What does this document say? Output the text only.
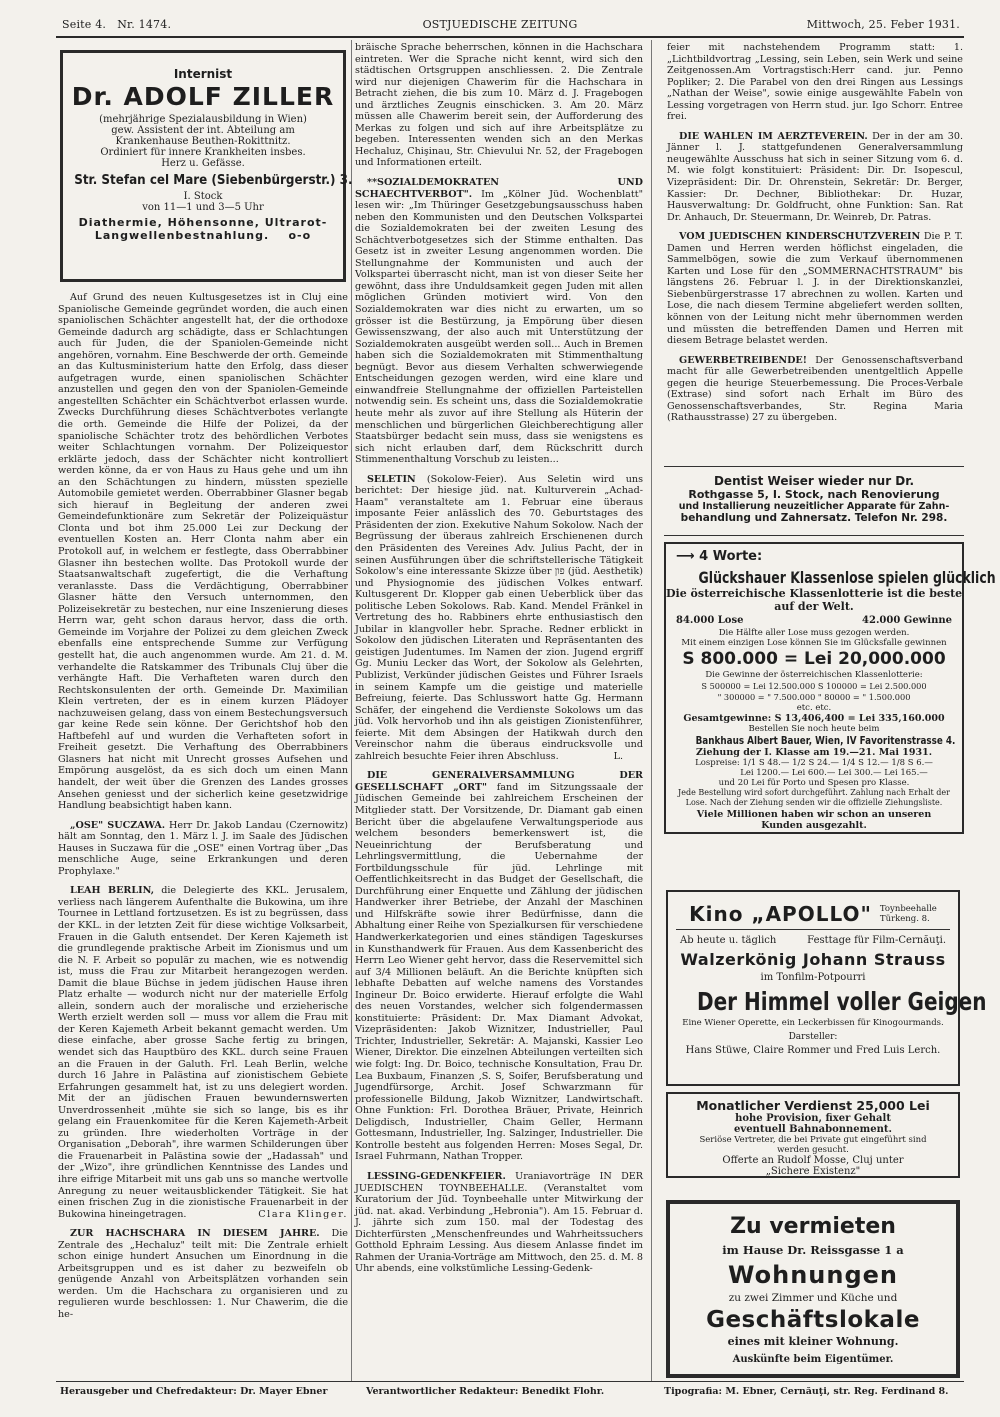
Seite 4. Nr. 1474.	OSTJUEDISCHE ZEITUNG	Mittwoch, 25. Feber 1931.
Internist
Dr. ADOLF ZILLER
(mehrjährige Spezialausbildung in Wien)
gew. Assistent der int. Abteilung am
Krankenhause Beuthen-Rokittnitz.
Ordiniert für innere Krankheiten insbes.
Herz u. Gefässe.
Str. Stefan cel Mare (Siebenbürgerstr.) 3.
I. Stock
von 11—1 und 3—5 Uhr
Diathermie, Höhensonne, Ultrarot-
Langwellenbestnahlung. o-o

Auf Grund des neuen Kultusgesetzes ist in Cluj eine Spaniolische Gemeinde gegründet worden, die auch einen spaniolischen Schächter angestellt hat, der die orthodoxe Gemeinde dadurch arg schädigte, dass er Schlachtungen auch für Juden, die der Spaniolen-Gemeinde nicht angehören, vornahm. Eine Beschwerde der orth. Gemeinde an das Kultusministerium hatte den Erfolg, dass dieser aufgetragen wurde, einen spaniolischen Schächter anzustellen und gegen den von der Spaniolen-Gemeinde angestellten Schächter ein Schächtverbot erlassen wurde. Zwecks Durchführung dieses Schächtverbotes verlangte die orth. Gemeinde die Hilfe der Polizei, da der spaniolische Schächter trotz des behördlichen Verbotes weiter Schlachtungen vornahm. Der Polizeiquestor erklärte jedoch, dass der Schächter nicht kontrolliert werden könne, da er von Haus zu Haus gehe und um ihn an den Schächtungen zu hindern, müssten spezielle Automobile gemietet werden. Oberrabbiner Glasner begab sich hierauf in Begleitung der anderen zwei Gemeindefunktionäre zum Sekretär der Polizeiquästur Clonta und bot ihm 25.000 Lei zur Deckung der eventuellen Kosten an. Herr Clonta nahm aber ein Protokoll auf, in welchem er festlegte, dass Oberrabbiner Glasner ihn bestechen wollte. Das Protokoll wurde der Staatsanwaltschaft zugefertigt, die die Verhaftung veranlasste. Dass die Verdächtigung, Oberrabbiner Glasner hätte den Versuch unternommen, den Polizeisekretär zu bestechen, nur eine Inszenierung dieses Herrn war, geht schon daraus hervor, dass die orth. Gemeinde im Vorjahre der Polizei zu dem gleichen Zweck ebenfalls eine entsprechende Summe zur Verfügung gestellt hat, die auch angenommen wurde. Am 21. d. M. verhandelte die Ratskammer des Tribunals Cluj über die verhängte Haft. Die Verhafteten waren durch den Rechtskonsulenten der orth. Gemeinde Dr. Maximilian Klein vertreten, der es in einem kurzen Plädoyer nachzuweisen gelang, dass von einem Bestechungsversuch gar keine Rede sein könne. Der Gerichtshof hob den Haftbefehl auf und wurden die Verhafteten sofort in Freiheit gesetzt. Die Verhaftung des Oberrabbiners Glasners hat nicht mit Unrecht grosses Aufsehen und Empörung ausgelöst, da es sich doch um einen Mann handelt, der weit über die Grenzen des Landes grosses Ansehen geniesst und der sicherlich keine gesetzwidrige Handlung beabsichtigt haben kann.

„OSE" SUCZAWA. Herr Dr. Jakob Landau (Czernowitz) hält am Sonntag, den 1. März l. J. im Saale des Jüdischen Hauses in Suczawa für die „OSE" einen Vortrag über „Das menschliche Auge, seine Erkrankungen und deren Prophylaxe."

LEAH BERLIN, die Delegierte des KKL. Jerusalem, verliess nach längerem Aufenthalte die Bukowina, um ihre Tournee in Lettland fortzusetzen. Es ist zu begrüssen, dass der KKL. in der letzten Zeit für diese wichtige Volksarbeit, Frauen in die Galuth entsendet. Der Keren Kajemeth ist die grundlegende praktische Arbeit im Zionismus und um die N. F. Arbeit so populär zu machen, wie es notwendig ist, muss die Frau zur Mitarbeit herangezogen werden. Damit die blaue Büchse in jedem jüdischen Hause ihren Platz erhalte — wodurch nicht nur der materielle Erfolg allein, sondern auch der moralische und erzieherische Werth erzielt werden soll — muss vor allem die Frau mit der Keren Kajemeth Arbeit bekannt gemacht werden. Um diese einfache, aber grosse Sache fertig zu bringen, wendet sich das Hauptbüro des KKL. durch seine Frauen an die Frauen in der Galuth. Frl. Leah Berlin, welche durch 16 Jahre in Palästina auf zionistischem Gebiete Erfahrungen gesammelt hat, ist zu uns delegiert worden. Mit der an jüdischen Frauen bewundernswerten Unverdrossenheit ,mühte sie sich so lange, bis es ihr gelang ein Frauenkomitee für die Keren Kajemeth-Arbeit zu gründen. Ihre wiederholten Vorträge in der Organisation „Deborah", ihre warmen Schilderungen über die Frauenarbeit in Palästina sowie der „Hadassah" und der „Wizo", ihre gründlichen Kenntnisse des Landes und ihre eifrige Mitarbeit mit uns gab uns so manche wertvolle Anregung zu neuer weitausblickender Tätigkeit. Sie hat einen frischen Zug in die zionistische Frauenarbeit in der Bukowina hineingetragen.	Clara Klinger.

ZUR HACHSCHARA IN DIESEM JAHRE. Die Zentrale des „Hechaluz" teilt mit: Die Zentrale erhielt schon einige hundert Ansuchen um Einordnung in die Arbeitsgruppen und es ist daher zu bezweifeln ob genügende Anzahl von Arbeitsplätzen vorhanden sein werden. Um die Hachschara zu organisieren und zu regulieren wurde beschlossen: 1. Nur Chawerim, die die he-

bräische Sprache beherrschen, können in die Hachschara eintreten. Wer die Sprache nicht kennt, wird sich den städtischen Ortsgruppen anschliessen. 2. Die Zentrale wird nur diejenigen Chawerim für die Hachschara in Betracht ziehen, die bis zum 10. März d. J. Fragebogen und ärztliches Zeugnis einschicken. 3. Am 20. März müssen alle Chawerim bereit sein, der Aufforderung des Merkas zu folgen und sich auf ihre Arbeitsplätze zu begeben. Interessenten wenden sich an den Merkas Hechaluz, Chişinau, Str. Chievului Nr. 52, der Fragebogen und Informationen erteilt.

**SOZIALDEMOKRATEN UND SCHAECHTVERBOT". Im „Kölner Jüd. Wochenblatt" lesen wir: „Im Thüringer Gesetzgebungsausschuss haben neben den Kommunisten und den Deutschen Volkspartei die Sozialdemokraten bei der zweiten Lesung des Schächtverbotgesetzes sich der Stimme enthalten. Das Gesetz ist in zweiter Lesung angenommen worden. Die Stellungnahme der Kommunisten und auch der Volkspartei überrascht nicht, man ist von dieser Seite her gewöhnt, dass ihre Unduldsamkeit gegen Juden mit allen möglichen Gründen motiviert wird. Von den Sozialdemokraten war dies nicht zu erwarten, um so grösser ist die Bestürzung, ja Empörung über diesen Gewissenszwang, der also auch mit Unterstützung der Sozialdemokraten ausgeübt werden soll... Auch in Bremen haben sich die Sozialdemokraten mit Stimmenthaltung begnügt. Bevor aus diesem Verhalten schwerwiegende Entscheidungen gezogen werden, wird eine klare und einwandfreie Stellungnahme der offiziellen Parteistellen notwendig sein. Es scheint uns, dass die Sozialdemokratie heute mehr als zuvor auf ihre Stellung als Hüterin der menschlichen und bürgerlichen Gleichberechtigung aller Staatsbürger bedacht sein muss, dass sie wenigstens es sich nicht erlauben darf, dem Rückschritt durch Stimmenenthaltung Vorschub zu leisten...

SELETIN (Sokolow-Feier). Aus Seletin wird uns berichtet: Der hiesige jüd. nat. Kulturverein „Achad-Haam" veranstaltete am 1. Februar eine überaus imposante Feier anlässlich des 70. Geburtstages des Präsidenten der zion. Exekutive Nahum Sokolow. Nach der Begrüssung der überaus zahlreich Erschienenen durch den Präsidenten des Vereines Adv. Julius Pacht, der in seinen Ausführungen über die schriftstellerische Tätigkeit Sokolow's eine interessante Skizze über פון (jüd. Aesthetik) und Physiognomie des jüdischen Volkes entwarf. Kultusgerent Dr. Klopper gab einen Ueberblick über das politische Leben Sokolows. Rab. Kand. Mendel Fränkel in Vertretung des ho. Rabbiners ehrte enthusiastisch den Jubilar in klangvoller hebr. Sprache. Redner erblickt in Sokolow den jüdischen Literaten und Repräsentanten des geistigen Judentumes. Im Namen der zion. Jugend ergriff Gg. Muniu Lecker das Wort, der Sokolow als Gelehrten, Publizist, Verkünder jüdischen Geistes und Führer Israels in seinem Kampfe um die geistige und materielle Befreiung, feierte. Das Schlusswort hatte Gg. Hermann Schäfer, der eingehend die Verdienste Sokolows um das jüd. Volk hervorhob und ihn als geistigen Zionistenführer, feierte. Mit dem Absingen der Hatikwah durch den Vereinschor nahm die überaus eindrucksvolle und zahlreich besuchte Feier ihren Abschluss.	L.

DIE GENERALVERSAMMLUNG DER GESELLSCHAFT „ORT" fand im Sitzungssaale der Jüdischen Gemeinde bei zahlreichem Erscheinen der Mitglieder statt. Der Vorsitzende, Dr. Diamant gab einen Bericht über die abgelaufene Verwaltungsperiode aus welchem besonders bemerkenswert ist, die Neueinrichtung der Berufsberatung und Lehrlingsvermittlung, die Uebernahme der Fortbildungsschule für jüd. Lehrlinge mit Oeffentlichkeitsrecht in das Budget der Gesellschaft, die Durchführung einer Enquette und Zählung der jüdischen Handwerker ihrer Betriebe, der Anzahl der Maschinen und Hilfskräfte sowie ihrer Bedürfnisse, dann die Abhaltung einer Reihe von Spezialkursen für verschiedene Handwerkerkategorien und eines ständigen Tageskurses in Kunsthandwerk für Frauen. Aus dem Kassenbericht des Herrn Leo Wiener geht hervor, dass die Reservemittel sich auf 3/4 Millionen beläuft. An die Berichte knüpften sich lebhafte Debatten auf welche namens des Vorstandes Ingineur Dr. Boico erwiderte. Hierauf erfolgte die Wahl des neuen Vorstandes, welcher sich folgendermassen konstituierte: Präsident: Dr. Max Diamant Advokat, Vizepräsidenten: Jakob Wiznitzer, Industrieller, Paul Trichter, Industrieller, Sekretär: A. Majanski, Kassier Leo Wiener, Direktor. Die einzelnen Abteilungen verteilten sich wie folgt: Ing. Dr. Boico, technische Konsultation, Frau Dr. Lea Buxbaum, Finanzen ,S. S, Soifer, Berufsberatung und Jugendfürsorge, Archit. Josef Schwarzmann für professionelle Bildung, Jakob Wiznitzer, Landwirtschaft. Ohne Funktion: Frl. Dorothea Bräuer, Private, Heinrich Deligdisch, Industrieller, Chaim Geller, Hermann Gottesmann, Industrieller, Ing. Salzinger, Industrieller. Die Kontrolle besteht aus folgenden Herren: Moses Segal, Dr. Israel Fuhrmann, Nathan Tropper.

LESSING-GEDENKFEIER. Uraniavorträge IN DER JUEDISCHEN TOYNBEEHALLE. (Veranstaltet vom Kuratorium der Jüd. Toynbeehalle unter Mitwirkung der jüd. nat. akad. Verbindung „Hebronia"). Am 15. Februar d. J. jährte sich zum 150. mal der Todestag des Dichterfürsten „Menschenfreundes und Wahrheitssuchers Gotthold Ephraim Lessing. Aus diesem Anlasse findet im Rahmen der Urania-Vorträge am Mittwoch, den 25. d. M. 8 Uhr abends, eine volkstümliche Lessing-Gedenk-

feier mit nachstehendem Programm statt: 1. „Lichtbildvortrag „Lessing, sein Leben, sein Werk und seine Zeitgenossen.Am Vortragstisch:Herr cand. jur. Penno Popliker; 2. Die Parabel von den drei Ringen aus Lessings „Nathan der Weise", sowie einige ausgewählte Fabeln von Lessing vorgetragen von Herrn stud. jur. Igo Schorr. Entree frei.

DIE WAHLEN IM AERZTEVEREIN. Der in der am 30. Jänner l. J. stattgefundenen Generalversammlung neugewählte Ausschuss hat sich in seiner Sitzung vom 6. d. M. wie folgt konstituiert: Präsident: Dir. Dr. Isopescul, Vizepräsident: Dir. Dr. Ohrenstein, Sekretär: Dr. Berger, Kassier: Dr. Dechner, Bibliothekar: Dr. Huzar, Hausverwaltung: Dr. Goldfrucht, ohne Funktion: San. Rat Dr. Anhauch, Dr. Steuermann, Dr. Weinreb, Dr. Patras.

VOM JUEDISCHEN KINDERSCHUTZVEREIN Die P. T. Damen und Herren werden höflichst eingeladen, die Sammelbögen, sowie die zum Verkauf übernommenen Karten und Lose für den „SOMMERNACHTSTRAUM" bis längstens 26. Februar l. J. in der Direktionskanzlei, Siebenbürgerstrasse 17 abrechnen zu wollen. Karten und Lose, die nach diesem Termine abgeliefert werden sollten, können von der Leitung nicht mehr übernommen werden und müssten die betreffenden Damen und Herren mit diesem Betrage belastet werden.

GEWERBETREIBENDE! Der Genossenschaftsverband macht für alle Gewerbetreibenden unentgeltlich Appelle gegen die heurige Steuerbemessung. Die Proces-Verbale (Extrase) sind sofort nach Erhalt im Büro des Genossenschaftsverbandes, Str. Regina Maria (Rathausstrasse) 27 zu übergeben.

Dentist Weiser wieder nur Dr.
Rothgasse 5, I. Stock, nach Renovierung
und Installierung neuzeitlicher Apparate für Zahn-
behandlung und Zahnersatz. Telefon Nr. 298.
⟶ 4 Worte:
Glückshauer Klassenlose spielen glücklich
Die österreichische Klassenlotterie ist die beste
auf der Welt.
84.000 Lose	42.000 Gewinne
Die Hälfte aller Lose muss gezogen werden.
Mit einem einzigen Lose können Sie im Glücksfalle gewinnen
S 800.000 = Lei 20,000.000
Die Gewinne der österreichischen Klassenlotterie:
S 500000 = Lei 12.500.000 S 100000 = Lei 2.500.000
" 300000 = " 7.500.000 " 80000 = " 1.500.000
etc. etc.
Gesamtgewinne: S 13,406,400 = Lei 335,160.000
Bestellen Sie noch heute beim
Bankhaus Albert Bauer, Wien, IV Favoritenstrasse 4.
Ziehung der I. Klasse am 19.—21. Mai 1931.
Lospreise: 1/1 S 48.— 1/2 S 24.— 1/4 S 12.— 1/8 S 6.—
Lei 1200.— Lei 600.— Lei 300.— Lei 165.—
und 20 Lei für Porto und Spesen pro Klasse.
Jede Bestellung wird sofort durchgeführt. Zahlung nach Erhalt der Lose. Nach der Ziehung senden wir die offizielle Ziehungsliste.
Viele Millionen haben wir schon an unseren Kunden ausgezahlt.
Kino „APOLLO" Toynbeehalle
Türkeng. 8.
Ab heute u. täglich	Festtage für Film-Cernăuţi.
Walzerkönig Johann Strauss
im Tonfilm-Potpourri
Der Himmel voller Geigen
Eine Wiener Operette, ein Leckerbissen für Kinogourmands.
Darsteller:
Hans Stüwe, Claire Rommer und Fred Luis Lerch.
Monatlicher Verdienst 25,000 Lei
hohe Provision, fixer Gehalt
eventuell Bahnabonnement.
Seriöse Vertreter, die bei Private gut eingeführt sind
werden gesucht.
Offerte an Rudolf Mosse, Cluj unter
„Sichere Existenz"
Zu vermieten
im Hause Dr. Reissgasse 1 a
Wohnungen
zu zwei Zimmer und Küche und
Geschäftslokale
eines mit kleiner Wohnung.
Auskünfte beim Eigentümer.
Herausgeber und Chefredakteur: Dr. Mayer Ebner	Verantwortlicher Redakteur: Benedikt Flohr.	Tipografia: M. Ebner, Cernăuţi, str. Reg. Ferdinand 8.
